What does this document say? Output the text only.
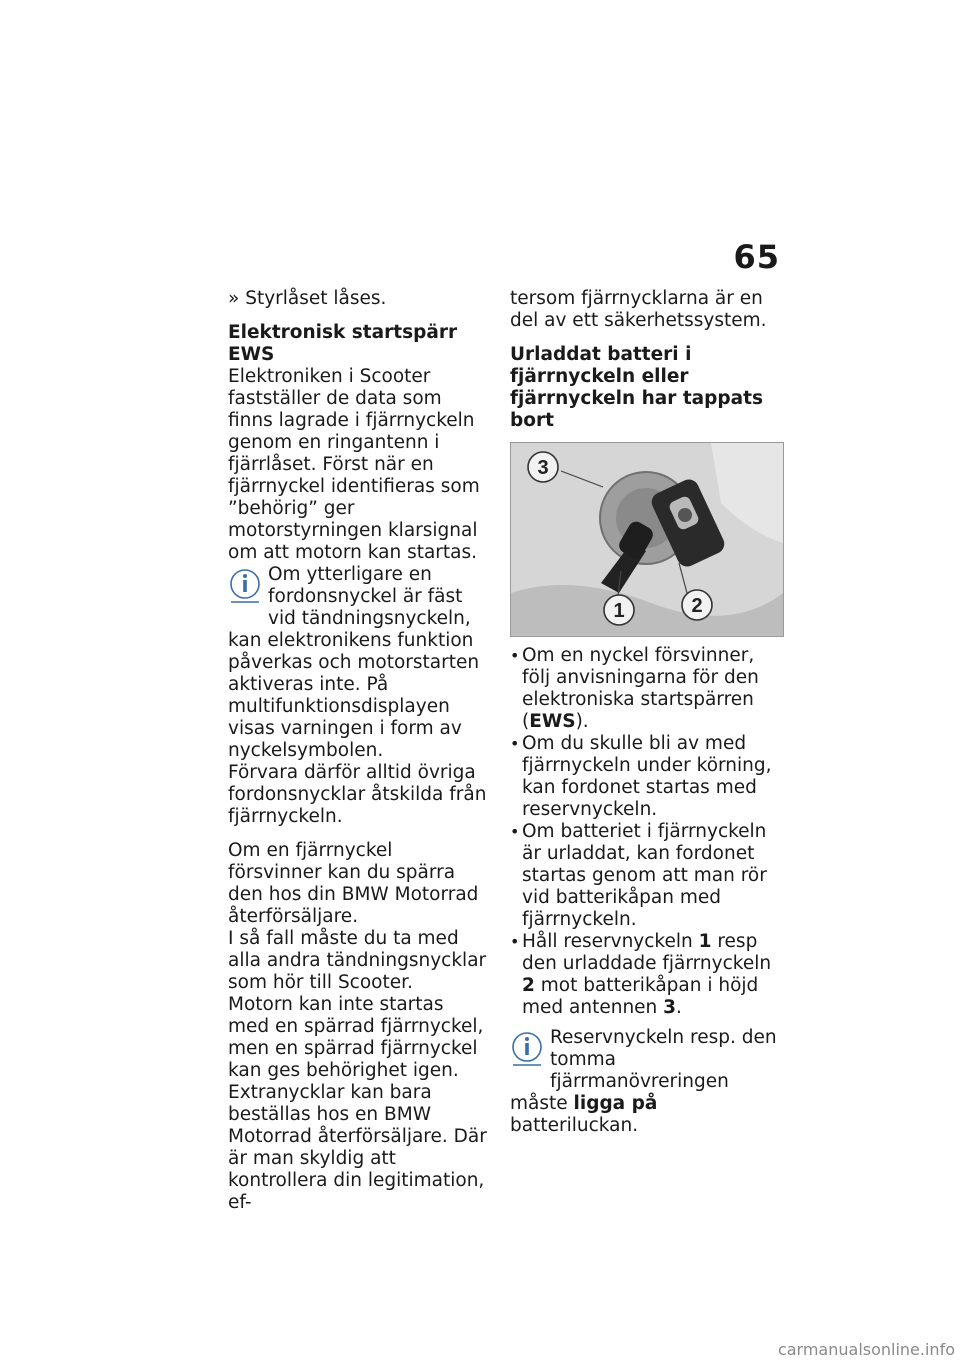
65

» Styrlåset låses.

Elektronisk startspärr EWS

Elektroniken i Scooter fastställer de data som finns lagrade i fjärrnyckeln genom en ringantenn i fjärrlåset. Först när en fjärrnyckel identifieras som ”behörig” ger motorstyrningen klarsignal om att motorn kan startas.

Om ytterligare en fordonsnyckel är fäst vid tändningsnyckeln, kan elektronikens funktion påverkas och motorstarten aktiveras inte. På multifunktionsdisplayen visas varningen i form av nyckelsymbolen.

Förvara därför alltid övriga fordonsnycklar åtskilda från fjärrnyckeln.

Om en fjärrnyckel försvinner kan du spärra den hos din BMW Motorrad återförsäljare.

I så fall måste du ta med alla andra tändningsnycklar som hör till Scooter.

Motorn kan inte startas med en spärrad fjärrnyckel, men en spärrad fjärrnyckel kan ges behörighet igen.

Extranycklar kan bara beställas hos en BMW Motorrad återförsäljare. Där är man skyldig att kontrollera din legitimation, ef-

tersom fjärrnycklarna är en del av ett säkerhetssystem.

Urladdat batteri i fjärrnyckeln eller fjärrnyckeln har tappats bort

3
1	2
• Om en nyckel försvinner, följ anvisningarna för den elektroniska startspärren (EWS).
• Om du skulle bli av med fjärrnyckeln under körning, kan fordonet startas med reservnyckeln.
• Om batteriet i fjärrnyckeln är urladdat, kan fordonet startas genom att man rör vid batterikåpan med fjärrnyckeln.
• Håll reservnyckeln 1 resp den urladdade fjärrnyckeln 2 mot batterikåpan i höjd med antennen 3.

Reservnyckeln resp. den tomma fjärrmanövreringen måste ligga på batteriluckan.

carmanualsonline.info
